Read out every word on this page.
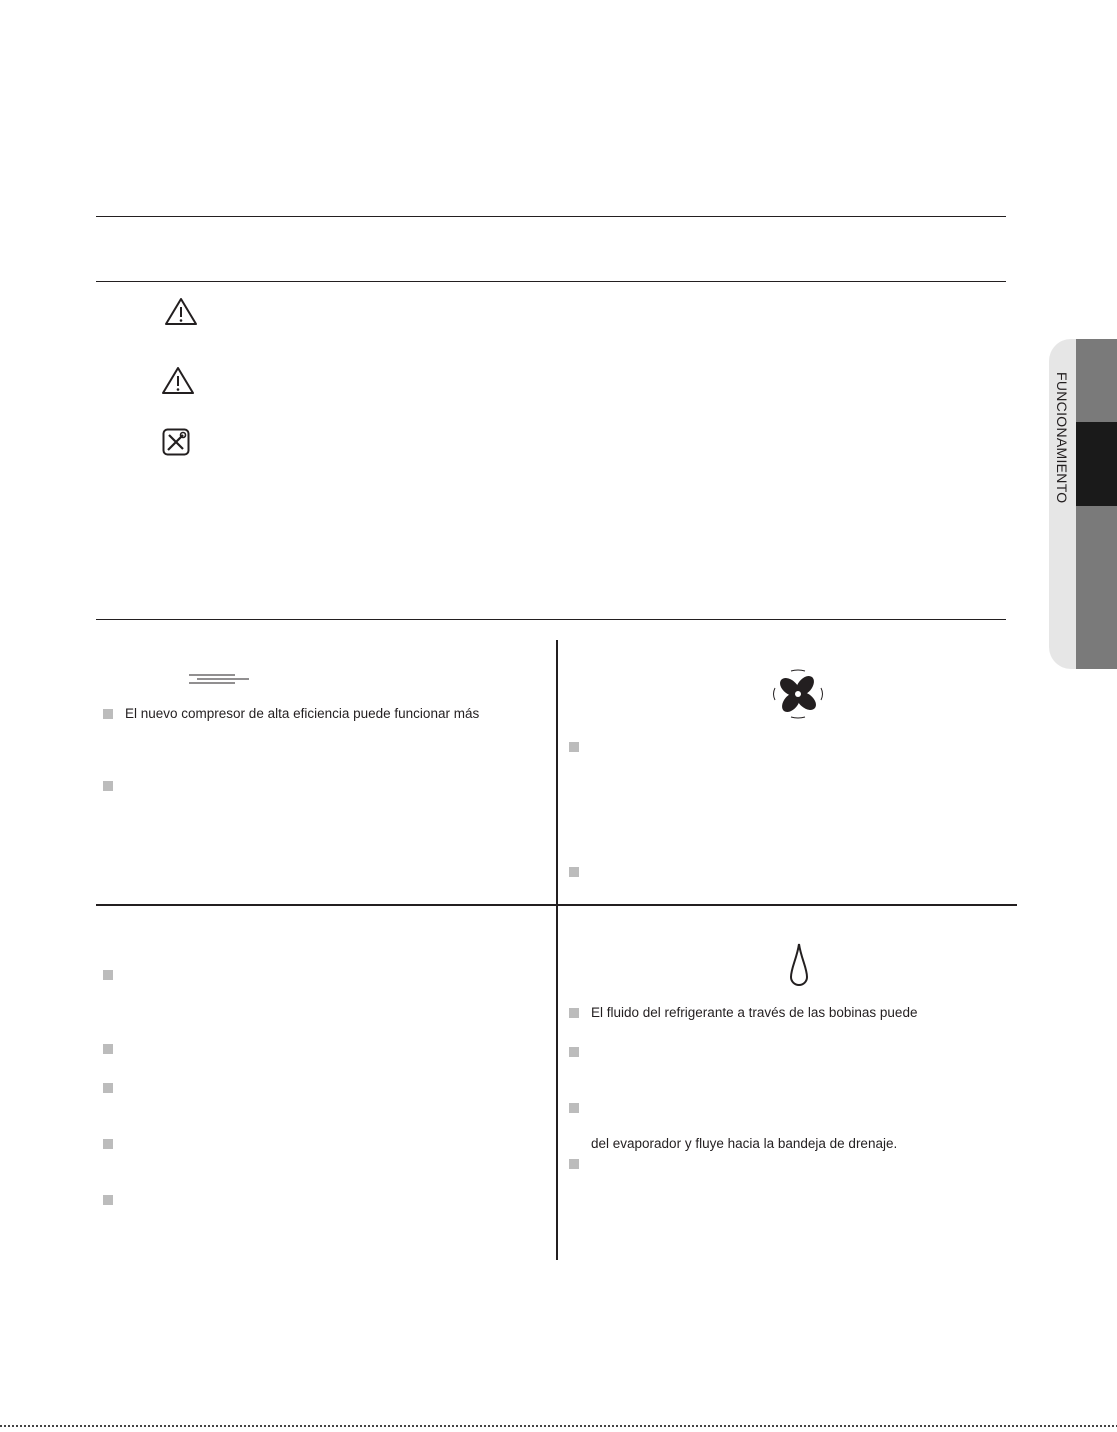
El nuevo compresor de alta eficiencia puede funcionar más
El fluido del refrigerante a través de las bobinas puede
del evaporador y fluye hacia la bandeja de drenaje.
FUNCIONAMIENTO
